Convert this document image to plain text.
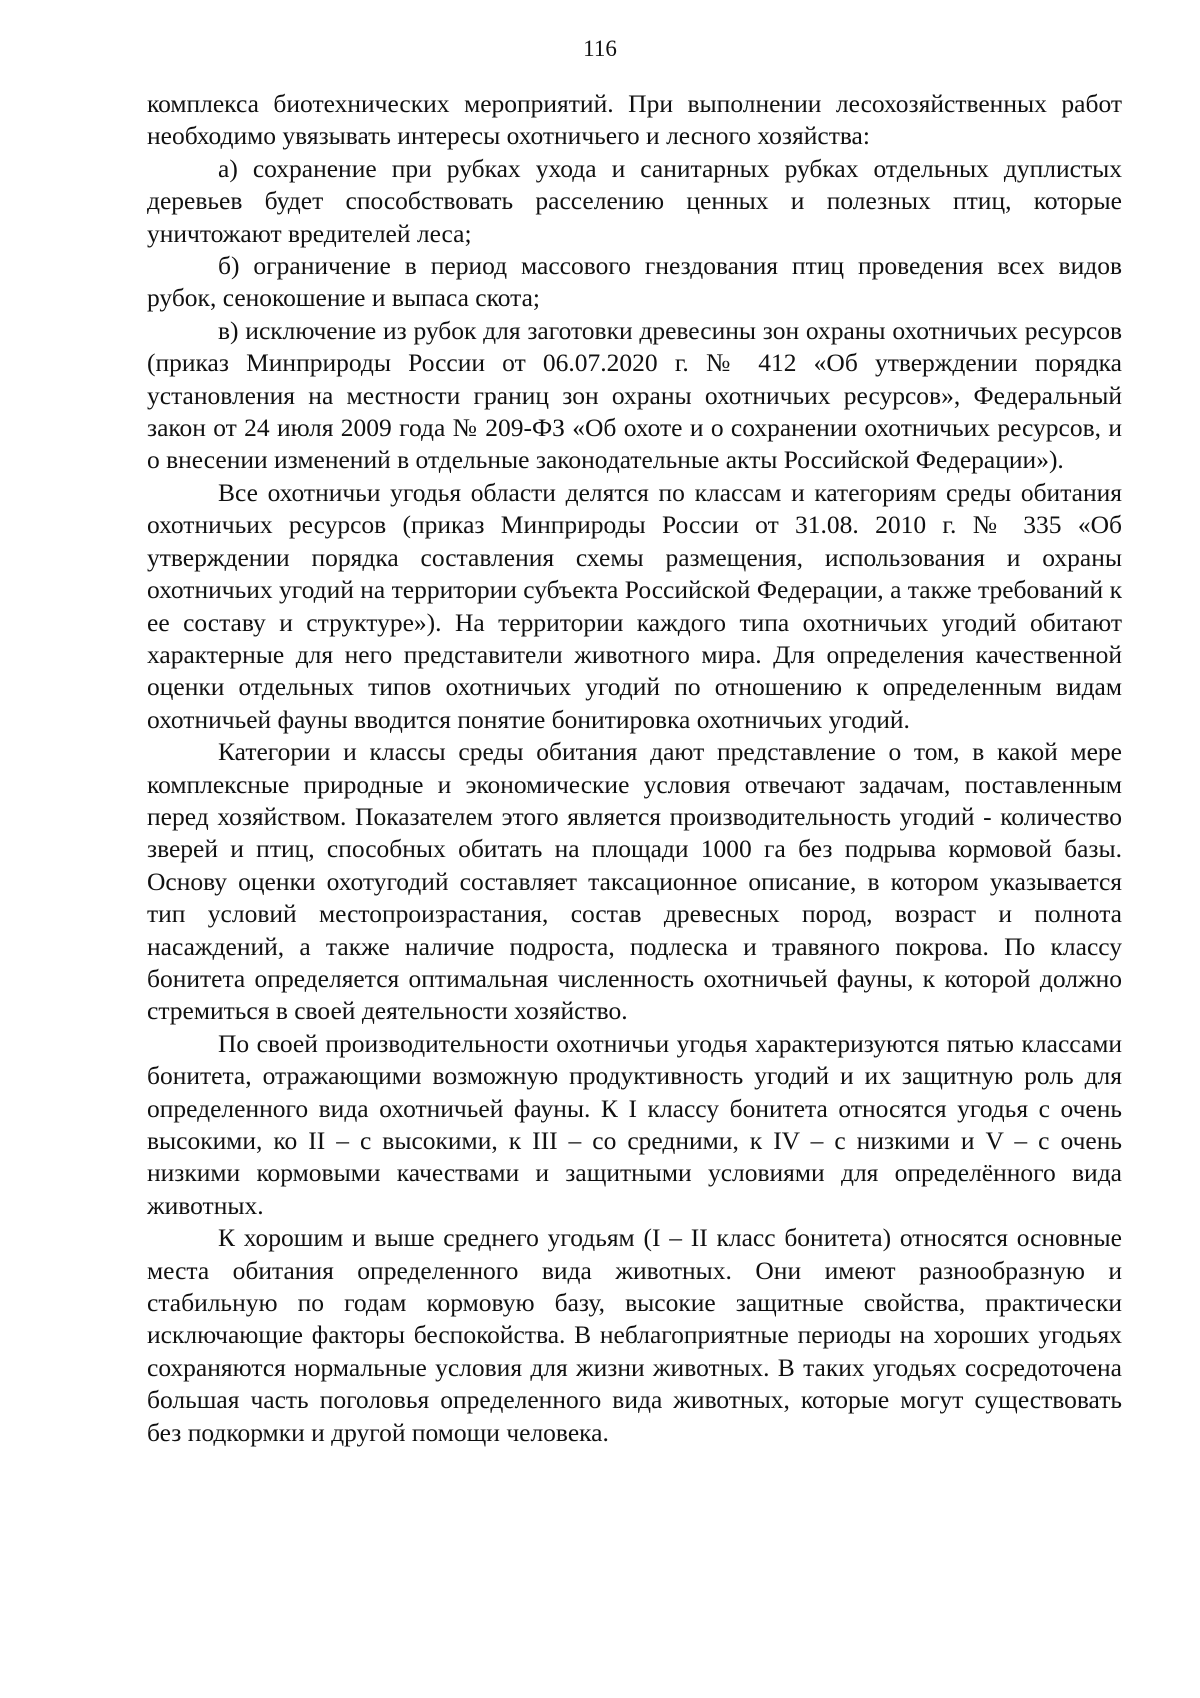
116

комплекса биотехнических мероприятий. При выполнении лесохозяйственных работ необходимо увязывать интересы охотничьего и лесного хозяйства:

а) сохранение при рубках ухода и санитарных рубках отдельных дуплистых деревьев будет способствовать расселению ценных и полезных птиц, которые уничтожают вредителей леса;

б) ограничение в период массового гнездования птиц проведения всех видов рубок, сенокошение и выпаса скота;

в) исключение из рубок для заготовки древесины зон охраны охотничьих ресурсов (приказ Минприроды России от 06.07.2020 г. № 412 «Об утверждении порядка установления на местности границ зон охраны охотничьих ресурсов», Федеральный закон от 24 июля 2009 года № 209-ФЗ «Об охоте и о сохранении охотничьих ресурсов, и о внесении изменений в отдельные законодательные акты Российской Федерации»).

Все охотничьи угодья области делятся по классам и категориям среды обитания охотничьих ресурсов (приказ Минприроды России от 31.08. 2010 г. № 335 «Об утверждении порядка составления схемы размещения, использования и охраны охотничьих угодий на территории субъекта Российской Федерации, а также требований к ее составу и структуре»). На территории каждого типа охотничьих угодий обитают характерные для него представители животного мира. Для определения качественной оценки отдельных типов охотничьих угодий по отношению к определенным видам охотничьей фауны вводится понятие бонитировка охотничьих угодий.

Категории и классы среды обитания дают представление о том, в какой мере комплексные природные и экономические условия отвечают задачам, поставленным перед хозяйством. Показателем этого является производительность угодий - количество зверей и птиц, способных обитать на площади 1000 га без подрыва кормовой базы. Основу оценки охотугодий составляет таксационное описание, в котором указывается тип условий местопроизрастания, состав древесных пород, возраст и полнота насаждений, а также наличие подроста, подлеска и травяного покрова. По классу бонитета определяется оптимальная численность охотничьей фауны, к которой должно стремиться в своей деятельности хозяйство.

По своей производительности охотничьи угодья характеризуются пятью классами бонитета, отражающими возможную продуктивность угодий и их защитную роль для определенного вида охотничьей фауны. К I классу бонитета относятся угодья с очень высокими, ко II – с высокими, к III – со средними, к IV – с низкими и V – с очень низкими кормовыми качествами и защитными условиями для определённого вида животных.

К хорошим и выше среднего угодьям (I – II класс бонитета) относятся основные места обитания определенного вида животных. Они имеют разнообразную и стабильную по годам кормовую базу, высокие защитные свойства, практически исключающие факторы беспокойства. В неблагоприятные периоды на хороших угодьях сохраняются нормальные условия для жизни животных. В таких угодьях сосредоточена большая часть поголовья определенного вида животных, которые могут существовать без подкормки и другой помощи человека.
